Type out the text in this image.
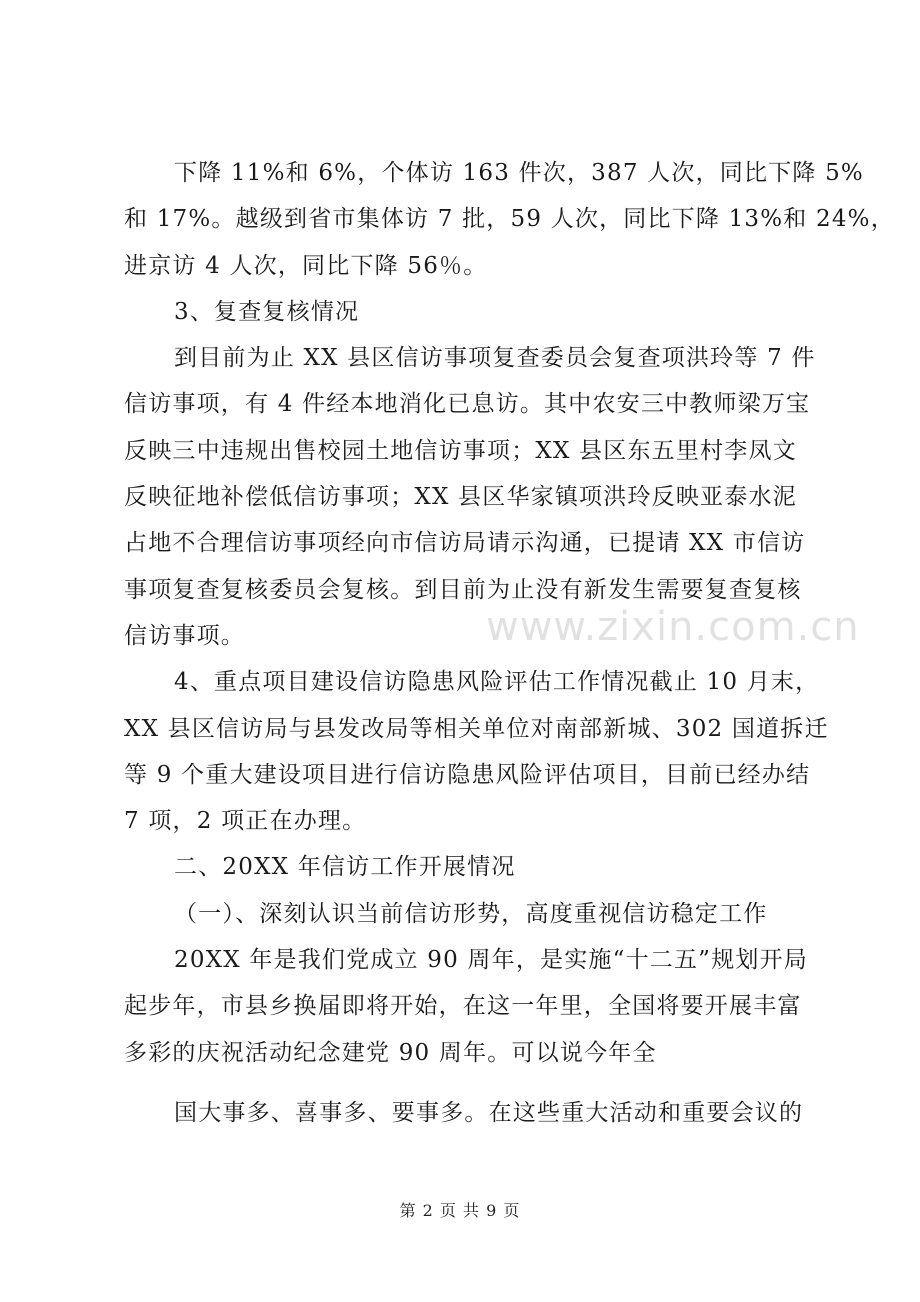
下降 11%和 6%，个体访 163 件次，387 人次，同比下降 5%
和 17%。越级到省市集体访 7 批，59 人次，同比下降 13%和 24%，
进京访 4 人次，同比下降 56％。
3、复查复核情况
到目前为止 XX 县区信访事项复查委员会复查项洪玲等 7 件
信访事项，有 4 件经本地消化已息访。其中农安三中教师梁万宝
反映三中违规出售校园土地信访事项；XX 县区东五里村李凤文
反映征地补偿低信访事项；XX 县区华家镇项洪玲反映亚泰水泥
占地不合理信访事项经向市信访局请示沟通，已提请 XX 市信访
事项复查复核委员会复核。到目前为止没有新发生需要复查复核
信访事项。
4、重点项目建设信访隐患风险评估工作情况截止 10 月末，
XX 县区信访局与县发改局等相关单位对南部新城、302 国道拆迁
等 9 个重大建设项目进行信访隐患风险评估项目，目前已经办结
7 项，2 项正在办理。
二、20XX 年信访工作开展情况
（一）、深刻认识当前信访形势，高度重视信访稳定工作
20XX 年是我们党成立 90 周年，是实施“十二五”规划开局
起步年，市县乡换届即将开始，在这一年里，全国将要开展丰富
多彩的庆祝活动纪念建党 90 周年。可以说今年全
国大事多、喜事多、要事多。在这些重大活动和重要会议的
www.zixin.com.cn
第 2 页 共 9 页
